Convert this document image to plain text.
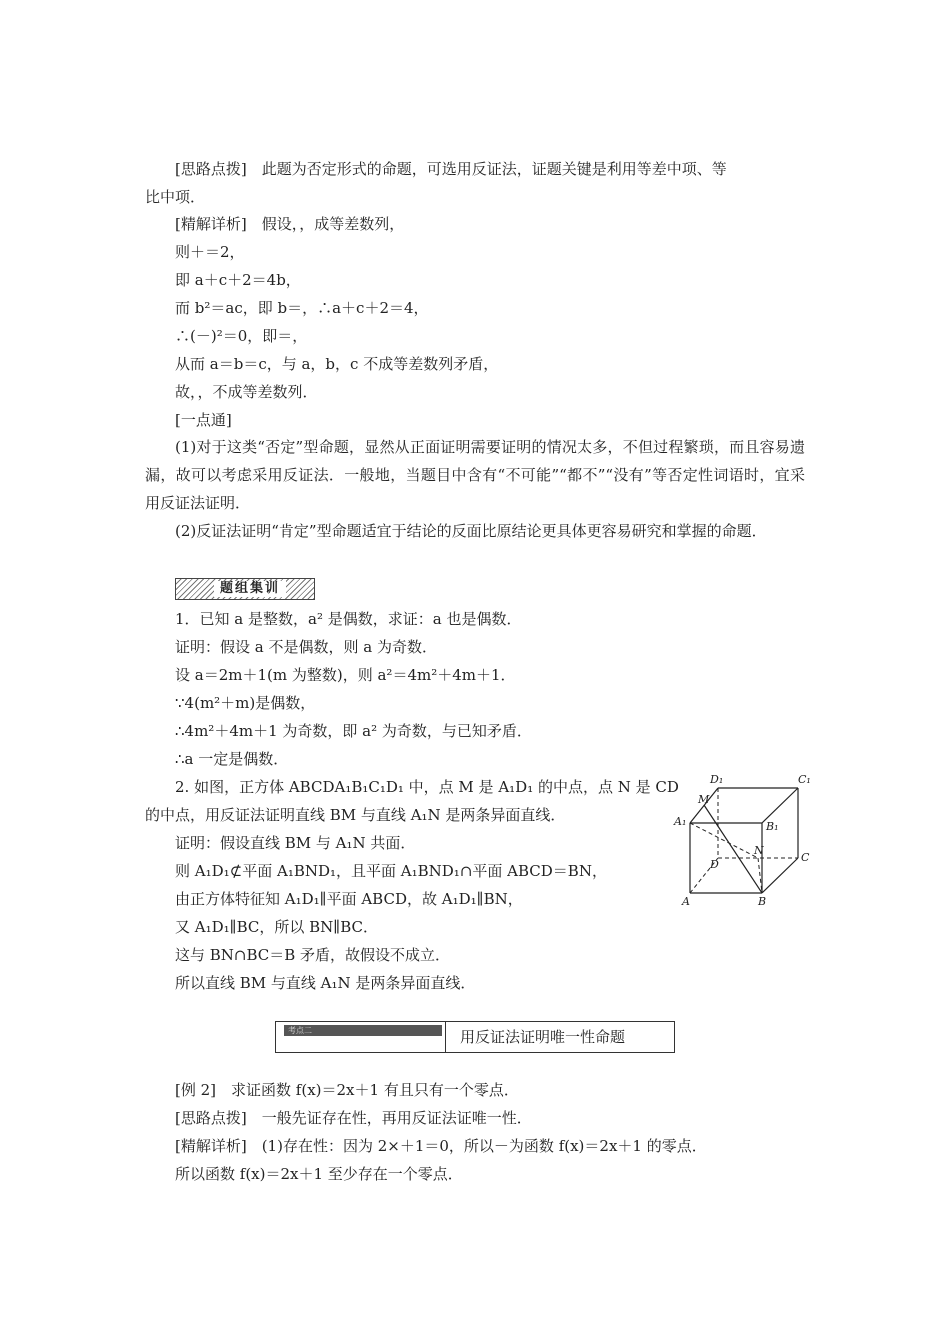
[思路点拨]　此题为否定形式的命题，可选用反证法，证题关键是利用等差中项、等
比中项．
[精解详析]　假设，，成等差数列，
则＋＝2，
即 a＋c＋2＝4b，
而 b²＝ac，即 b＝，∴a＋c＋2＝4，
∴(－)²＝0，即＝，
从而 a＝b＝c，与 a，b，c 不成等差数列矛盾，
故，，不成等差数列．
[一点通]
(1)对于这类“否定”型命题，显然从正面证明需要证明的情况太多，不但过程繁琐，而且容易遗漏，故可以考虑采用反证法．一般地，当题目中含有“不可能”“都不”“没有”等否定性词语时，宜采用反证法证明．
(2)反证法证明“肯定”型命题适宜于结论的反面比原结论更具体更容易研究和掌握的命题．
题组集训
1．已知 a 是整数，a² 是偶数，求证：a 也是偶数．
证明：假设 a 不是偶数，则 a 为奇数．
设 a＝2m＋1(m 为整数)，则 a²＝4m²＋4m＋1．
∵4(m²＋m)是偶数，
∴4m²＋4m＋1 为奇数，即 a² 为奇数，与已知矛盾．
∴a 一定是偶数．
2. 如图，正方体 ABCDA₁B₁C₁D₁ 中，点 M 是 A₁D₁ 的中点，点 N 是 CD
的中点，用反证法证明直线 BM 与直线 A₁N 是两条异面直线．
证明：假设直线 BM 与 A₁N 共面．
则 A₁D₁⊄平面 A₁BND₁，且平面 A₁BND₁∩平面 ABCD＝BN，
由正方体特征知 A₁D₁∥平面 ABCD，故 A₁D₁∥BN，
又 A₁D₁∥BC，所以 BN∥BC．
这与 BN∩BC＝B 矛盾，故假设不成立．
所以直线 BM 与直线 A₁N 是两条异面直线．
D₁	C₁
M
A₁	B₁
D
N
C
A	B
考点二	用反证法证明唯一性命题
[例 2]　求证函数 f(x)＝2x＋1 有且只有一个零点．
[思路点拨]　一般先证存在性，再用反证法证唯一性．
[精解详析]　(1)存在性：因为 2×＋1＝0，所以－为函数 f(x)＝2x＋1 的零点．
所以函数 f(x)＝2x＋1 至少存在一个零点．
